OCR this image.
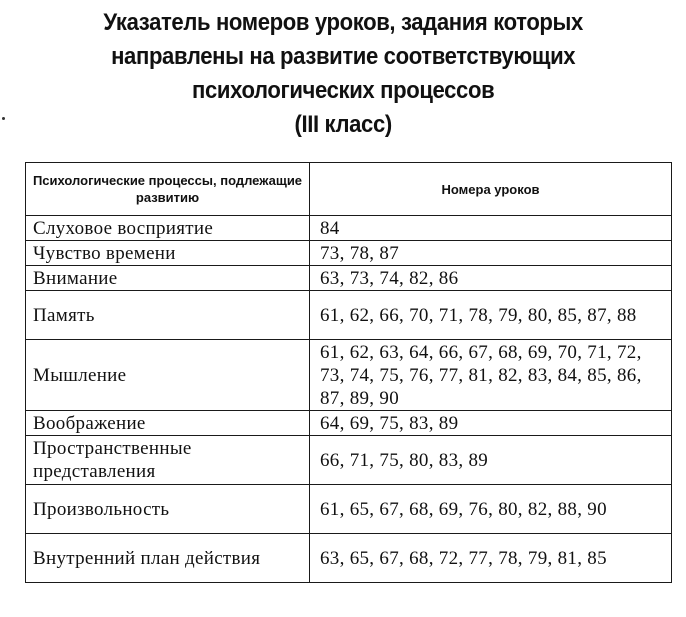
Указатель номеров уроков, задания которых
направлены на развитие соответствующих
психологических процессов
(III класс)
Психологические процессы, подлежащие развитию	Номера уроков
Слуховое восприятие	84
Чувство времени	73, 78, 87
Внимание	63, 73, 74, 82, 86
Память	61, 62, 66, 70, 71, 78, 79, 80, 85, 87, 88
Мышление	61, 62, 63, 64, 66, 67, 68, 69, 70, 71, 72, 73, 74, 75, 76, 77, 81, 82, 83, 84, 85, 86, 87, 89, 90
Воображение	64, 69, 75, 83, 89
Пространственные представления	66, 71, 75, 80, 83, 89
Произвольность	61, 65, 67, 68, 69, 76, 80, 82, 88, 90
Внутренний план действия	63, 65, 67, 68, 72, 77, 78, 79, 81, 85
